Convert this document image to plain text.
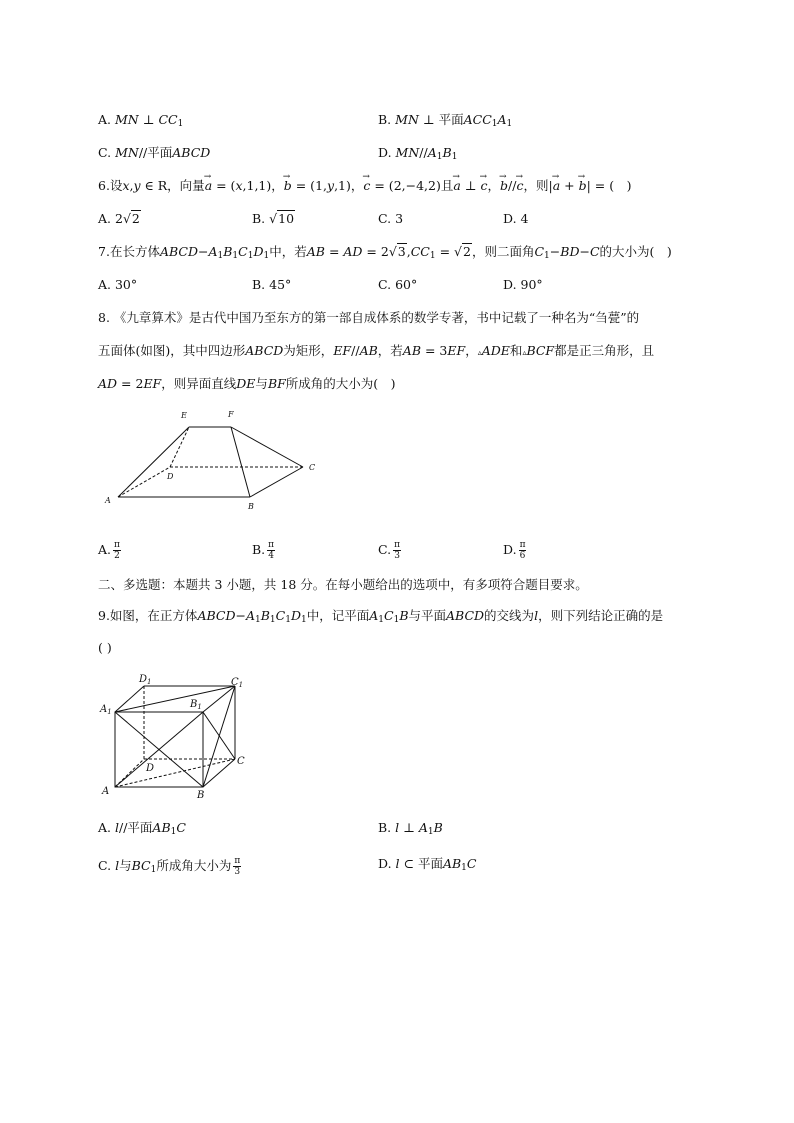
A. MN ⊥ $CC_1$	B. MN ⊥ 平面$ACC_1A_1$
C. MN//平面ABCD	D. $MN//A_1B_1$
6.设x,y ∈ R，向量→ a = (x,1,1)，→ b = (1,y,1)，→ c = (2,−4,2)且→ a ⊥ → c，→ b//→ c，则|→ a + → b| = (　)
A. 2√2	B. √10	C. 3	D. 4
7.在长方体$ABCD-A_1B_1C_1D_1$中，若AB = AD = $2√3,CC_1 = √2$，则二面角$C_1-BD-C$的大小为(　)
A. 30°	B. 45°	C. 60°	D. 90°
8. 《九章算术》是古代中国乃至东方的第一部自成体系的数学专著，书中记载了一种名为“刍甍”的
五面体(如图)，其中四边形ABCD为矩形，EF//AB，若AB = 3EF，▵ADE和▵BCF都是正三角形，且
AD = 2EF，则异面直线DE与BF所成角的大小为(　)
E	F
D
C
A
B
A. $\frac{\pi}{2}$	B. $\frac{\pi}{4}$	C. $\frac{\pi}{3}$	D. $\frac{\pi}{6}$
二、多选题：本题共 3 小题，共 18 分。在每小题给出的选项中，有多项符合题目要求。
9.如图，在正方体$ABCD-A_1B_1C_1D_1$中，记平面$A_1C_1B$与平面ABCD的交线为l，则下列结论正确的是
( )
$D_1$	$C_1$
$A_1$
$B_1$
D
C
A	B
A. l//平面$AB_1C$	B. l ⊥ $A_1B$
C. l与$BC_1$所成角大小为 $\frac{\pi}{3}$	D. l ⊂ 平面$AB_1C$
